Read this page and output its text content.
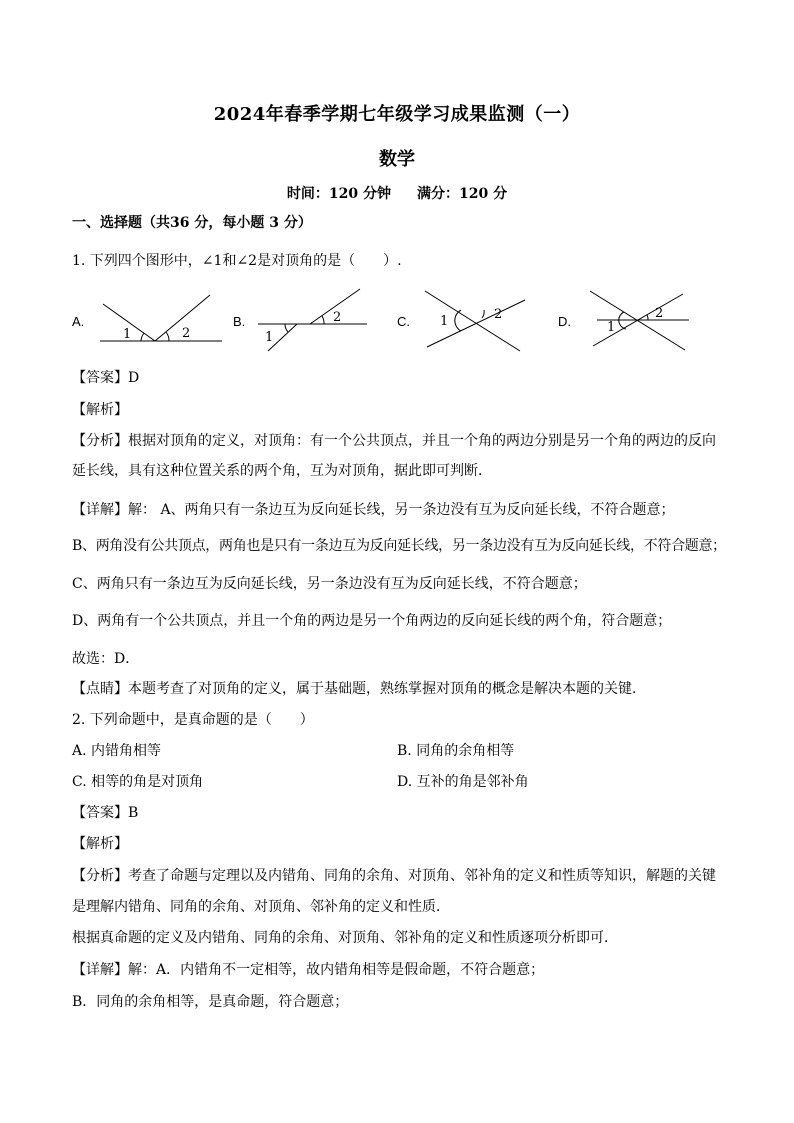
2024年春季学期七年级学习成果监测（一）
数学
时间：120 分钟 满分：120 分
一、选择题（共36 分，每小题 3 分）
1. 下列四个图形中，∠1和∠2是对顶角的是（　　）.
A.
1	2
B.
1
2	C. 1	2	D.	1
2
【答案】D
【解析】
【分析】根据对顶角的定义，对顶角：有一个公共顶点，并且一个角的两边分别是另一个角的两边的反向
延长线，具有这种位置关系的两个角，互为对顶角，据此即可判断．
【详解】解： A、两角只有一条边互为反向延长线，另一条边没有互为反向延长线，不符合题意；
B、两角没有公共顶点，两角也是只有一条边互为反向延长线，另一条边没有互为反向延长线，不符合题意；
C、两角只有一条边互为反向延长线，另一条边没有互为反向延长线，不符合题意；
D、两角有一个公共顶点，并且一个角的两边是另一个角两边的反向延长线的两个角，符合题意；
故选：D．
【点睛】本题考查了对顶角的定义，属于基础题，熟练掌握对顶角的概念是解决本题的关键．
2. 下列命题中，是真命题的是（　　）
A. 内错角相等	B. 同角的余角相等
C. 相等的角是对顶角	D. 互补的角是邻补角
【答案】B
【解析】
【分析】考查了命题与定理以及内错角、同角的余角、对顶角、邻补角的定义和性质等知识，解题的关键
是理解内错角、同角的余角、对顶角、邻补角的定义和性质．
根据真命题的定义及内错角、同角的余角、对顶角、邻补角的定义和性质逐项分析即可．
【详解】解：A．内错角不一定相等，故内错角相等是假命题，不符合题意；
B．同角的余角相等，是真命题，符合题意；
